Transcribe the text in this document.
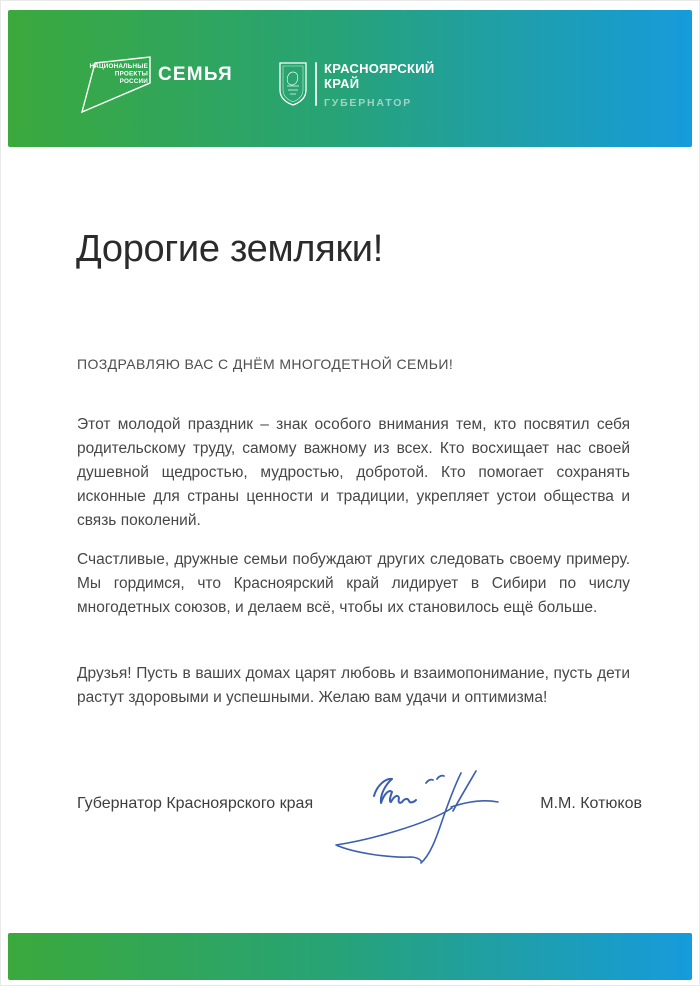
НАЦИОНАЛЬНЫЕ
ПРОЕКТЫ
РОССИИ СЕМЬЯ	КРАСНОЯРСКИЙ
КРАЙ
ГУБЕРНАТОР
Дорогие земляки!
ПОЗДРАВЛЯЮ ВАС С ДНЁМ МНОГОДЕТНОЙ СЕМЬИ!
Этот молодой праздник – знак особого внимания тем, кто посвятил себя родительскому труду, самому важному из всех. Кто восхищает нас своей душевной щедростью, мудростью, добротой. Кто помогает сохранять исконные для страны ценности и традиции, укрепляет устои общества и связь поколений.
Счастливые, дружные семьи побуждают других следовать своему примеру. Мы гордимся, что Красноярский край лидирует в Сибири по числу многодетных союзов, и делаем всё, чтобы их становилось ещё больше.
Друзья! Пусть в ваших домах царят любовь и взаимопонимание, пусть дети растут здоровыми и успешными. Желаю вам удачи и оптимизма!
Губернатор Красноярского края	М.М. Котюков
